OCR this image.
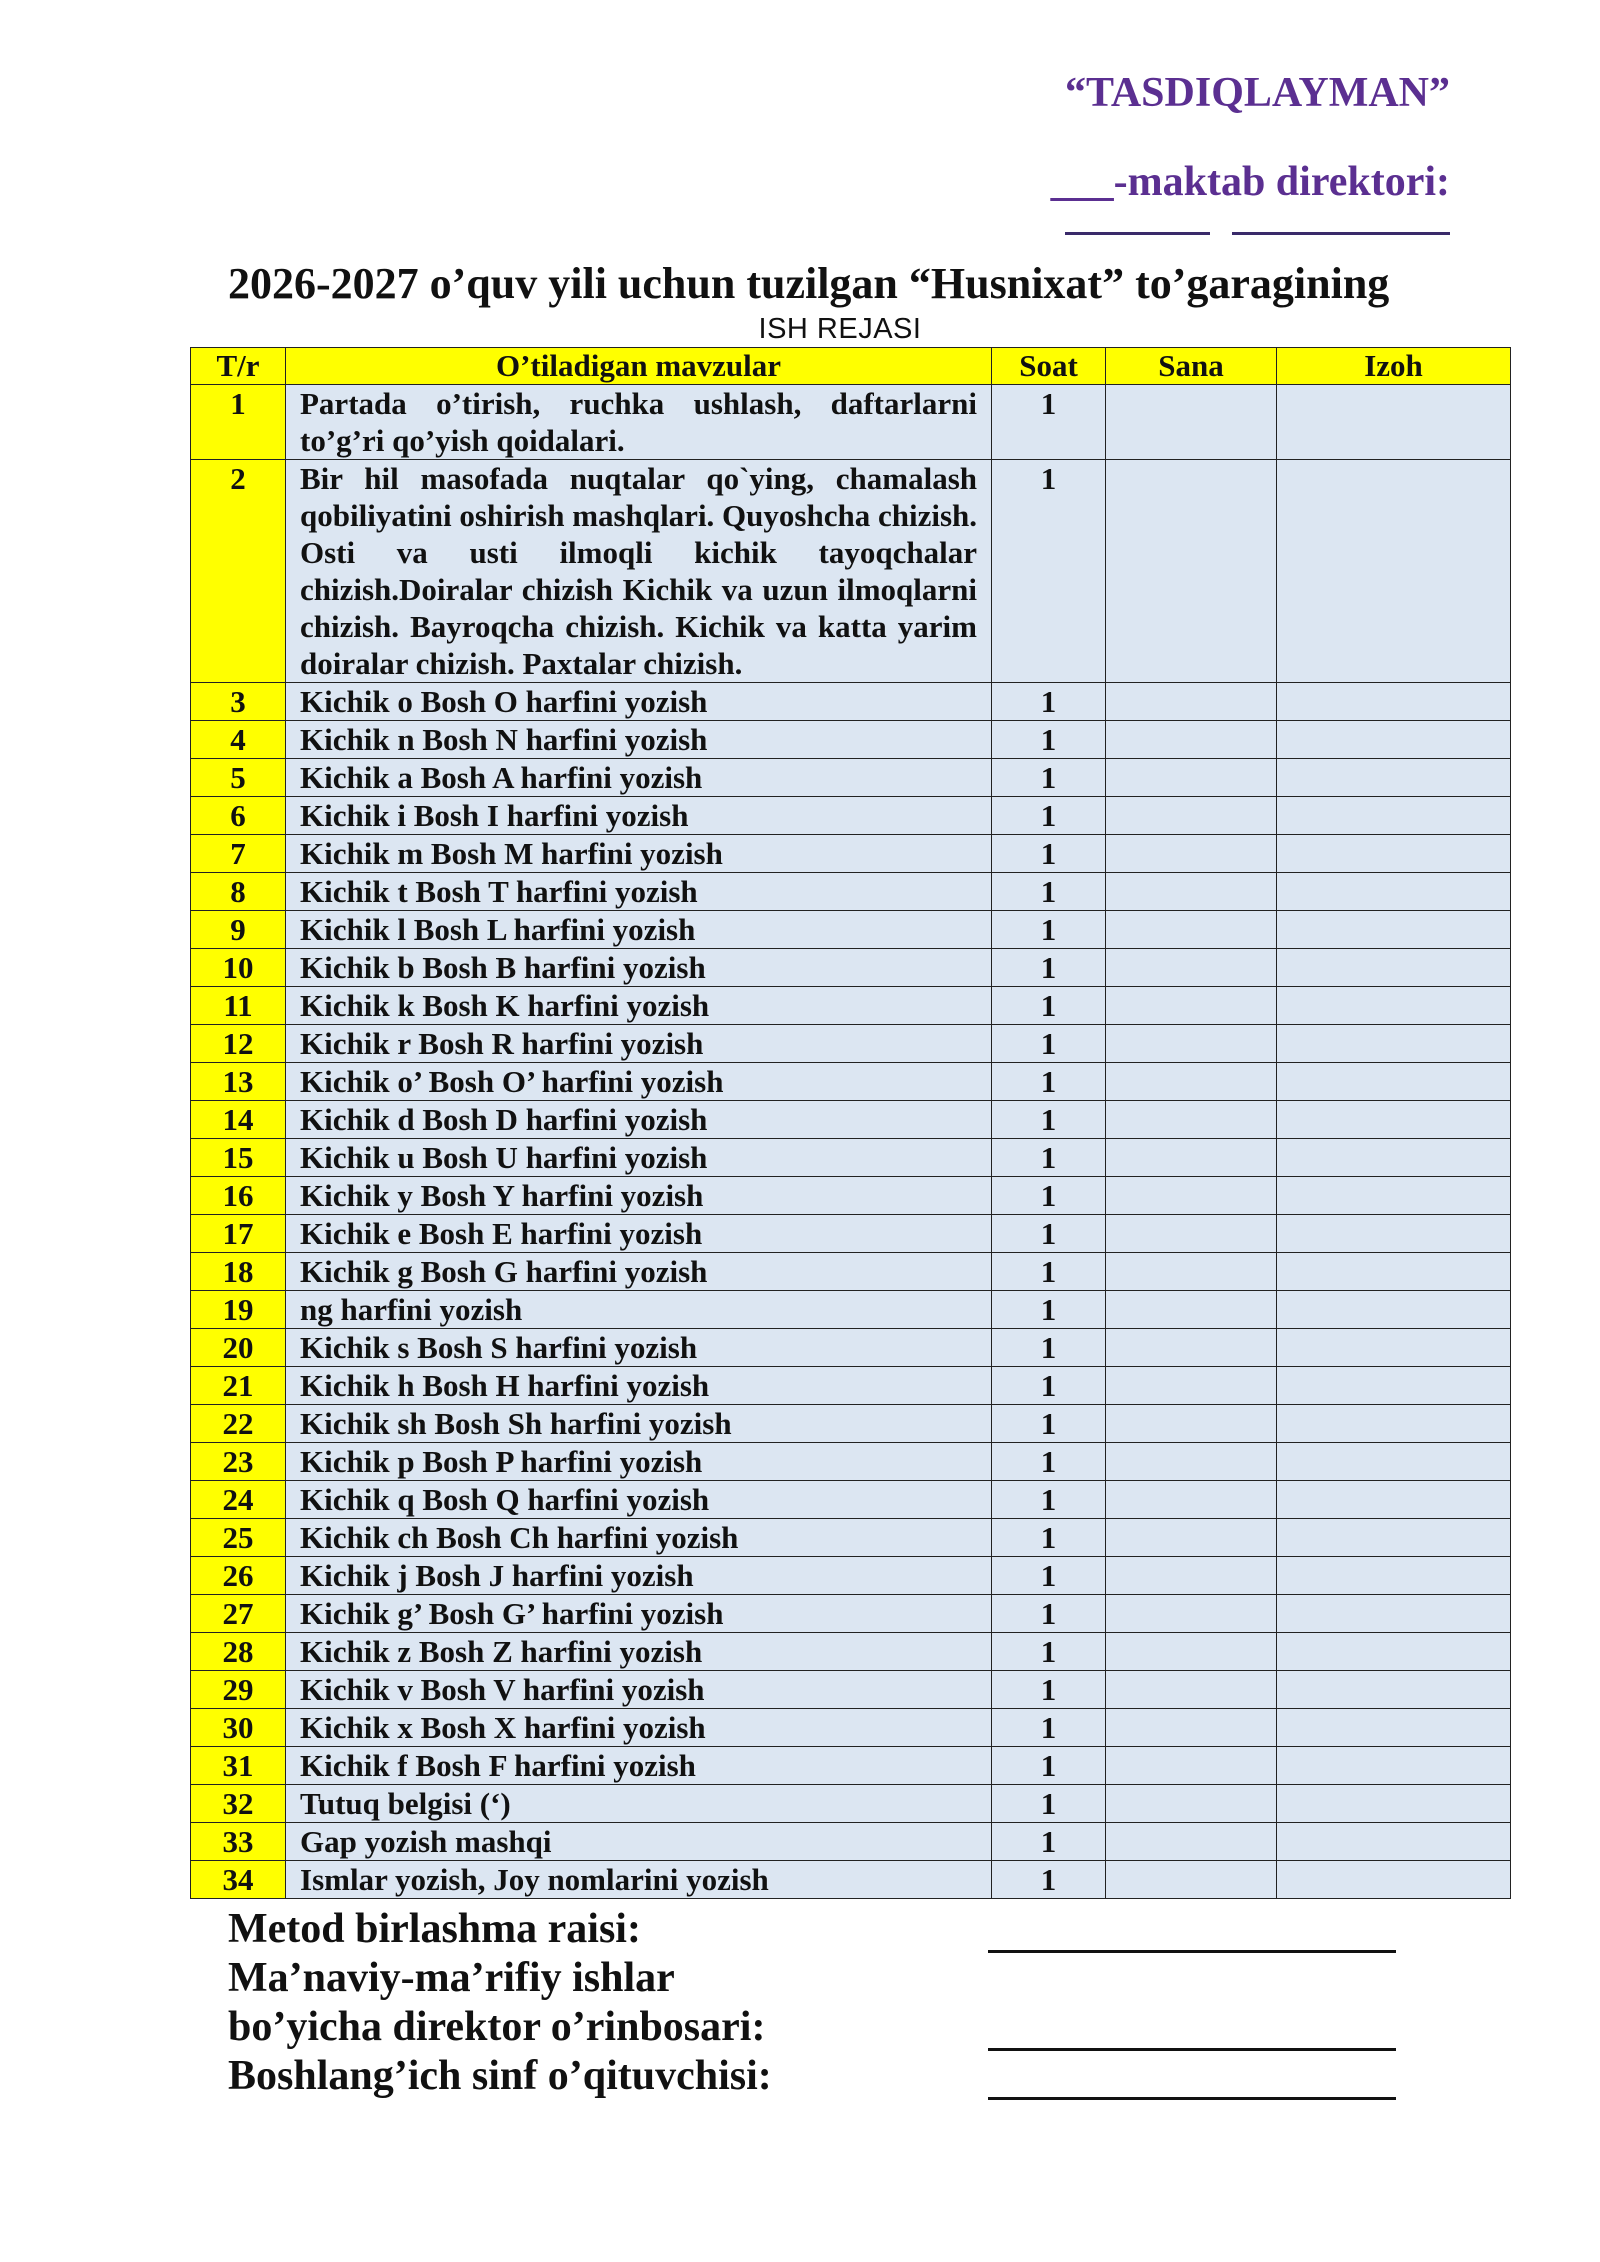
“TASDIQLAYMAN”
___-maktab direktori:
2026-2027 o’quv yili uchun tuzilgan “Husnixat” to’garagining
ISH REJASI
T/r	O’tiladigan mavzular	Soat	Sana	Izoh
1	Partada o’tirish, ruchka ushlash, daftarlarni to’g’ri qo’yish qoidalari.	1		
2	Bir hil masofada nuqtalar qo`ying, chamalash qobiliyatini oshirish mashqlari. Quyoshcha chizish. Osti va usti ilmoqli kichik tayoqchalar chizish.Doiralar chizish Kichik va uzun ilmoqlarni chizish. Bayroqcha chizish. Kichik va katta yarim doiralar chizish. Paxtalar chizish.	1		
3	Kichik o Bosh O harfini yozish	1		
4	Kichik n Bosh N harfini yozish	1		
5	Kichik a Bosh A harfini yozish	1		
6	Kichik i Bosh I harfini yozish	1		
7	Kichik m Bosh M harfini yozish	1		
8	Kichik t Bosh T harfini yozish	1		
9	Kichik l Bosh L harfini yozish	1		
10	Kichik b Bosh B harfini yozish	1		
11	Kichik k Bosh K harfini yozish	1		
12	Kichik r Bosh R harfini yozish	1		
13	Kichik o’ Bosh O’ harfini yozish	1		
14	Kichik d Bosh D harfini yozish	1		
15	Kichik u Bosh U harfini yozish	1		
16	Kichik y Bosh Y harfini yozish	1		
17	Kichik e Bosh E harfini yozish	1		
18	Kichik g Bosh G harfini yozish	1		
19	ng harfini yozish	1		
20	Kichik s Bosh S harfini yozish	1		
21	Kichik h Bosh H harfini yozish	1		
22	Kichik sh Bosh Sh harfini yozish	1		
23	Kichik p Bosh P harfini yozish	1		
24	Kichik q Bosh Q harfini yozish	1		
25	Kichik ch Bosh Ch harfini yozish	1		
26	Kichik j Bosh J harfini yozish	1		
27	Kichik g’ Bosh G’ harfini yozish	1		
28	Kichik z Bosh Z harfini yozish	1		
29	Kichik v Bosh V harfini yozish	1		
30	Kichik x Bosh X harfini yozish	1		
31	Kichik f Bosh F harfini yozish	1		
32	Tutuq belgisi (‘)	1		
33	Gap yozish mashqi	1		
34	Ismlar yozish, Joy nomlarini yozish	1		
Metod birlashma raisi:
Ma’naviy-ma’rifiy ishlar
bo’yicha direktor o’rinbosari:
Boshlang’ich sinf o’qituvchisi:
